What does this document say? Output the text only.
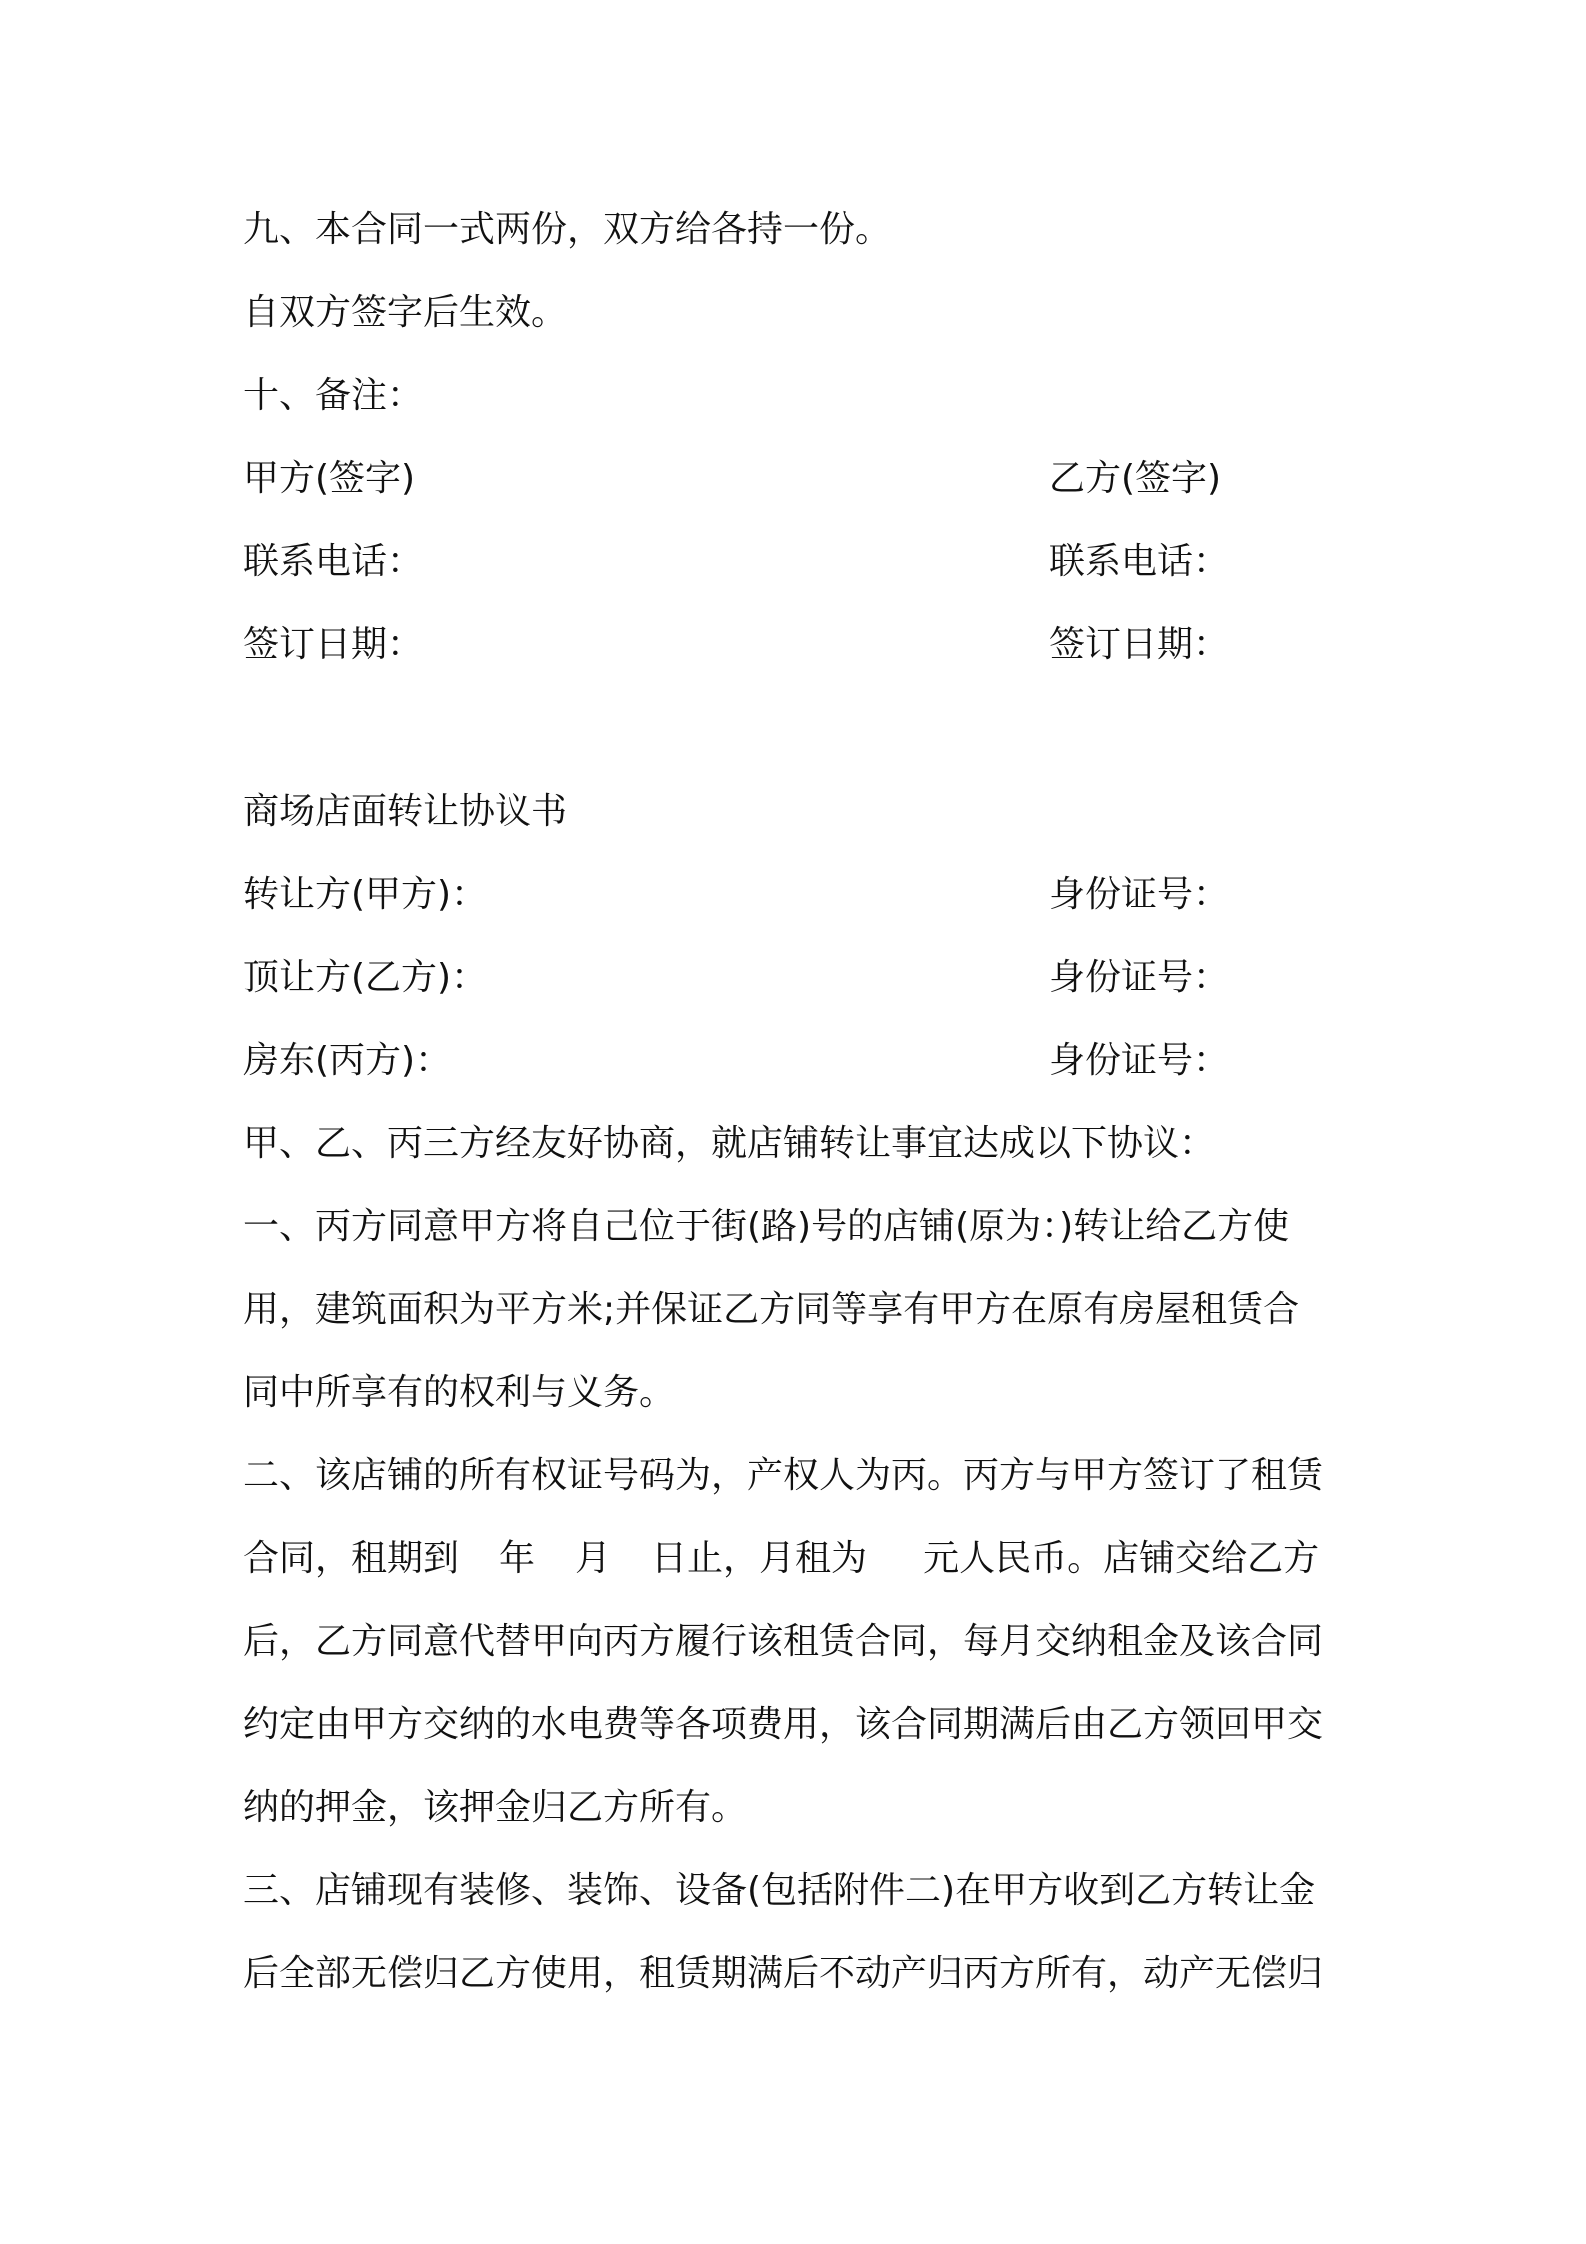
九、本合同一式两份，双方给各持一份。
自双方签字后生效。
十、备注：
甲方(签字)	乙方(签字)
联系电话：	联系电话：
签订日期：	签订日期：
商场店面转让协议书
转让方(甲方)：	身份证号：
顶让方(乙方)：	身份证号：
房东(丙方)：	身份证号：
甲、乙、丙三方经友好协商，就店铺转让事宜达成以下协议：
一、丙方同意甲方将自己位于街(路)号的店铺(原为：)转让给乙方使
用，建筑面积为平方米;并保证乙方同等享有甲方在原有房屋租赁合
同中所享有的权利与义务。
二、该店铺的所有权证号码为，产权人为丙。丙方与甲方签订了租赁
合同，租期到 年 月 日止，月租为 元人民币。店铺交给乙方
后，乙方同意代替甲向丙方履行该租赁合同，每月交纳租金及该合同
约定由甲方交纳的水电费等各项费用，该合同期满后由乙方领回甲交
纳的押金，该押金归乙方所有。
三、店铺现有装修、装饰、设备(包括附件二)在甲方收到乙方转让金
后全部无偿归乙方使用，租赁期满后不动产归丙方所有，动产无偿归
